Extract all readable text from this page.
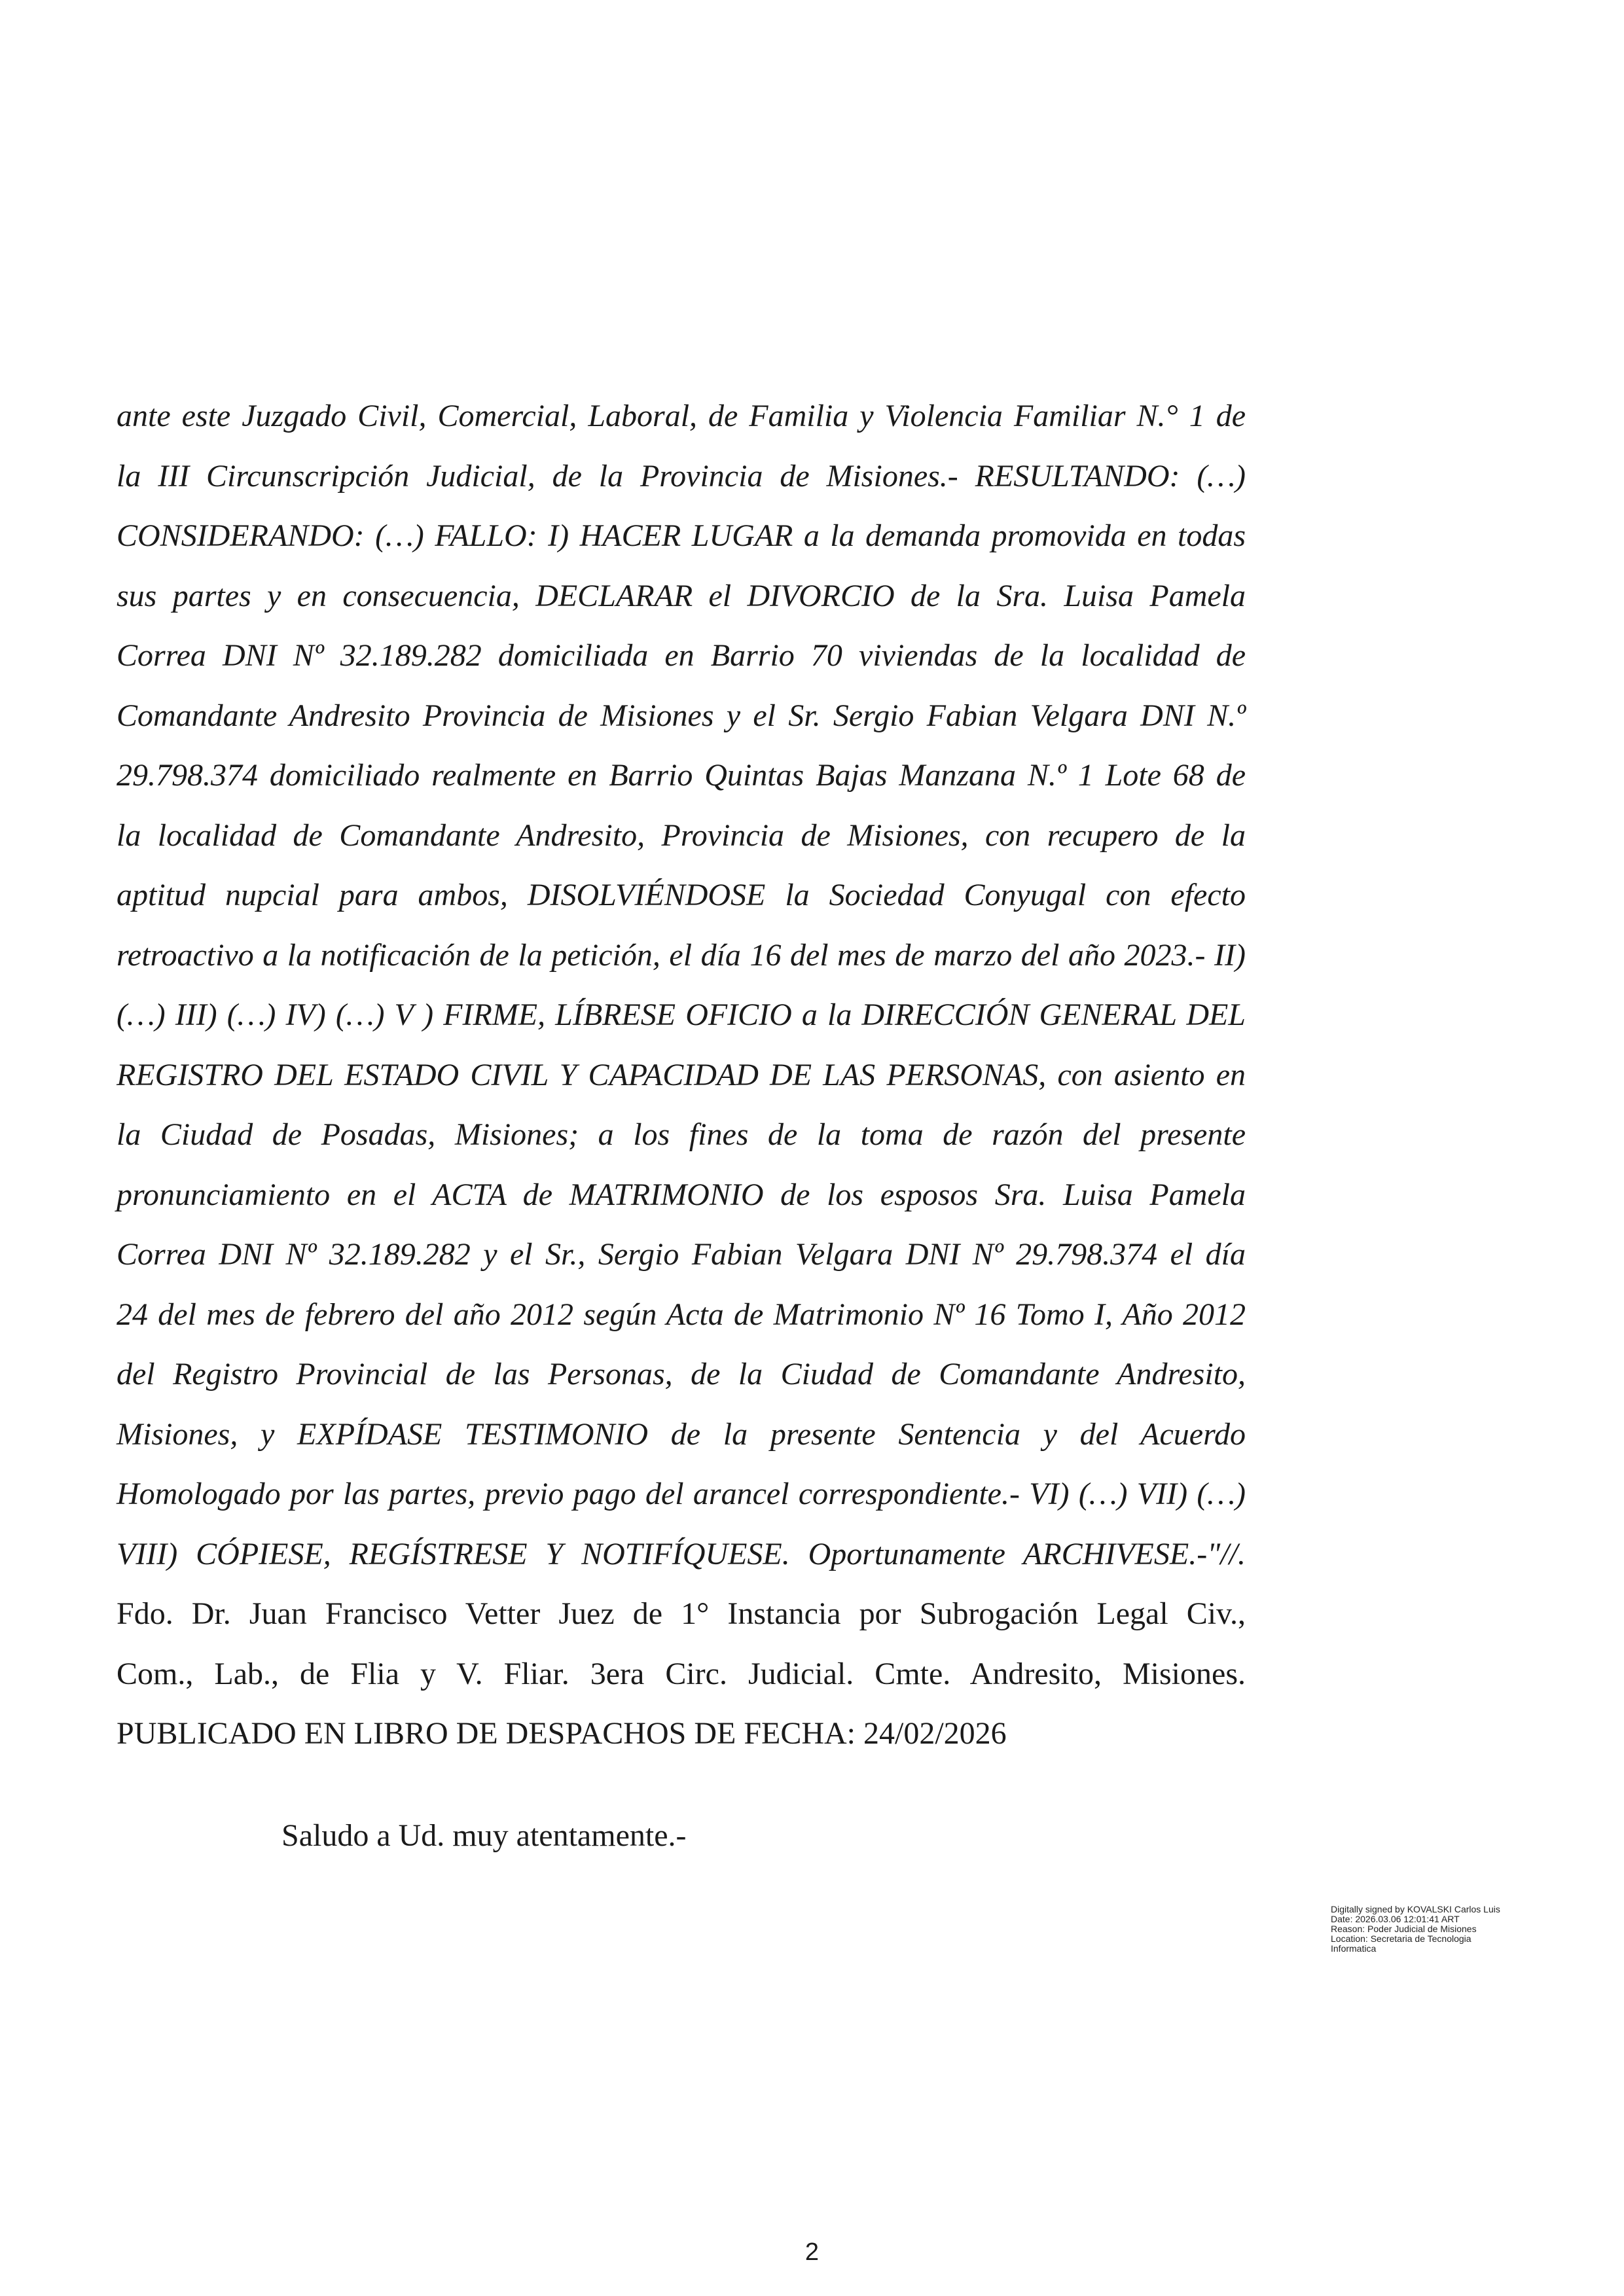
ante este Juzgado Civil, Comercial, Laboral, de Familia y Violencia Familiar N.° 1 de
la III Circunscripción Judicial, de la Provincia de Misiones.- RESULTANDO: (…)
CONSIDERANDO: (…) FALLO: I) HACER LUGAR a la demanda promovida en todas
sus partes y en consecuencia, DECLARAR el DIVORCIO de la Sra. Luisa Pamela
Correa DNI Nº 32.189.282 domiciliada en Barrio 70 viviendas de la localidad de
Comandante Andresito Provincia de Misiones y el Sr. Sergio Fabian Velgara DNI N.º
29.798.374 domiciliado realmente en Barrio Quintas Bajas Manzana N.º 1 Lote 68 de
la localidad de Comandante Andresito, Provincia de Misiones, con recupero de la
aptitud nupcial para ambos, DISOLVIÉNDOSE la Sociedad Conyugal con efecto
retroactivo a la notificación de la petición, el día 16 del mes de marzo del año 2023.- II)
(…) III) (…) IV) (…) V ) FIRME, LÍBRESE OFICIO a la DIRECCIÓN GENERAL DEL
REGISTRO DEL ESTADO CIVIL Y CAPACIDAD DE LAS PERSONAS, con asiento en
la Ciudad de Posadas, Misiones; a los fines de la toma de razón del presente
pronunciamiento en el ACTA de MATRIMONIO de los esposos Sra. Luisa Pamela
Correa DNI Nº 32.189.282 y el Sr., Sergio Fabian Velgara DNI Nº 29.798.374 el día
24 del mes de febrero del año 2012 según Acta de Matrimonio Nº 16 Tomo I, Año 2012
del Registro Provincial de las Personas, de la Ciudad de Comandante Andresito,
Misiones, y EXPÍDASE TESTIMONIO de la presente Sentencia y del Acuerdo
Homologado por las partes, previo pago del arancel correspondiente.- VI) (…) VII) (…)
VIII) CÓPIESE, REGÍSTRESE Y NOTIFÍQUESE. Oportunamente ARCHIVESE.-"//.
Fdo. Dr. Juan Francisco Vetter Juez de 1° Instancia por Subrogación Legal Civ.,
Com., Lab., de Flia y V. Fliar. 3era Circ. Judicial. Cmte. Andresito, Misiones.
PUBLICADO EN LIBRO DE DESPACHOS DE FECHA: 24/02/2026
Saludo a Ud. muy atentamente.-
Digitally signed by KOVALSKI Carlos Luis
Date: 2026.03.06 12:01:41 ART
Reason: Poder Judicial de Misiones
Location: Secretaria de Tecnologia
Informatica
2
